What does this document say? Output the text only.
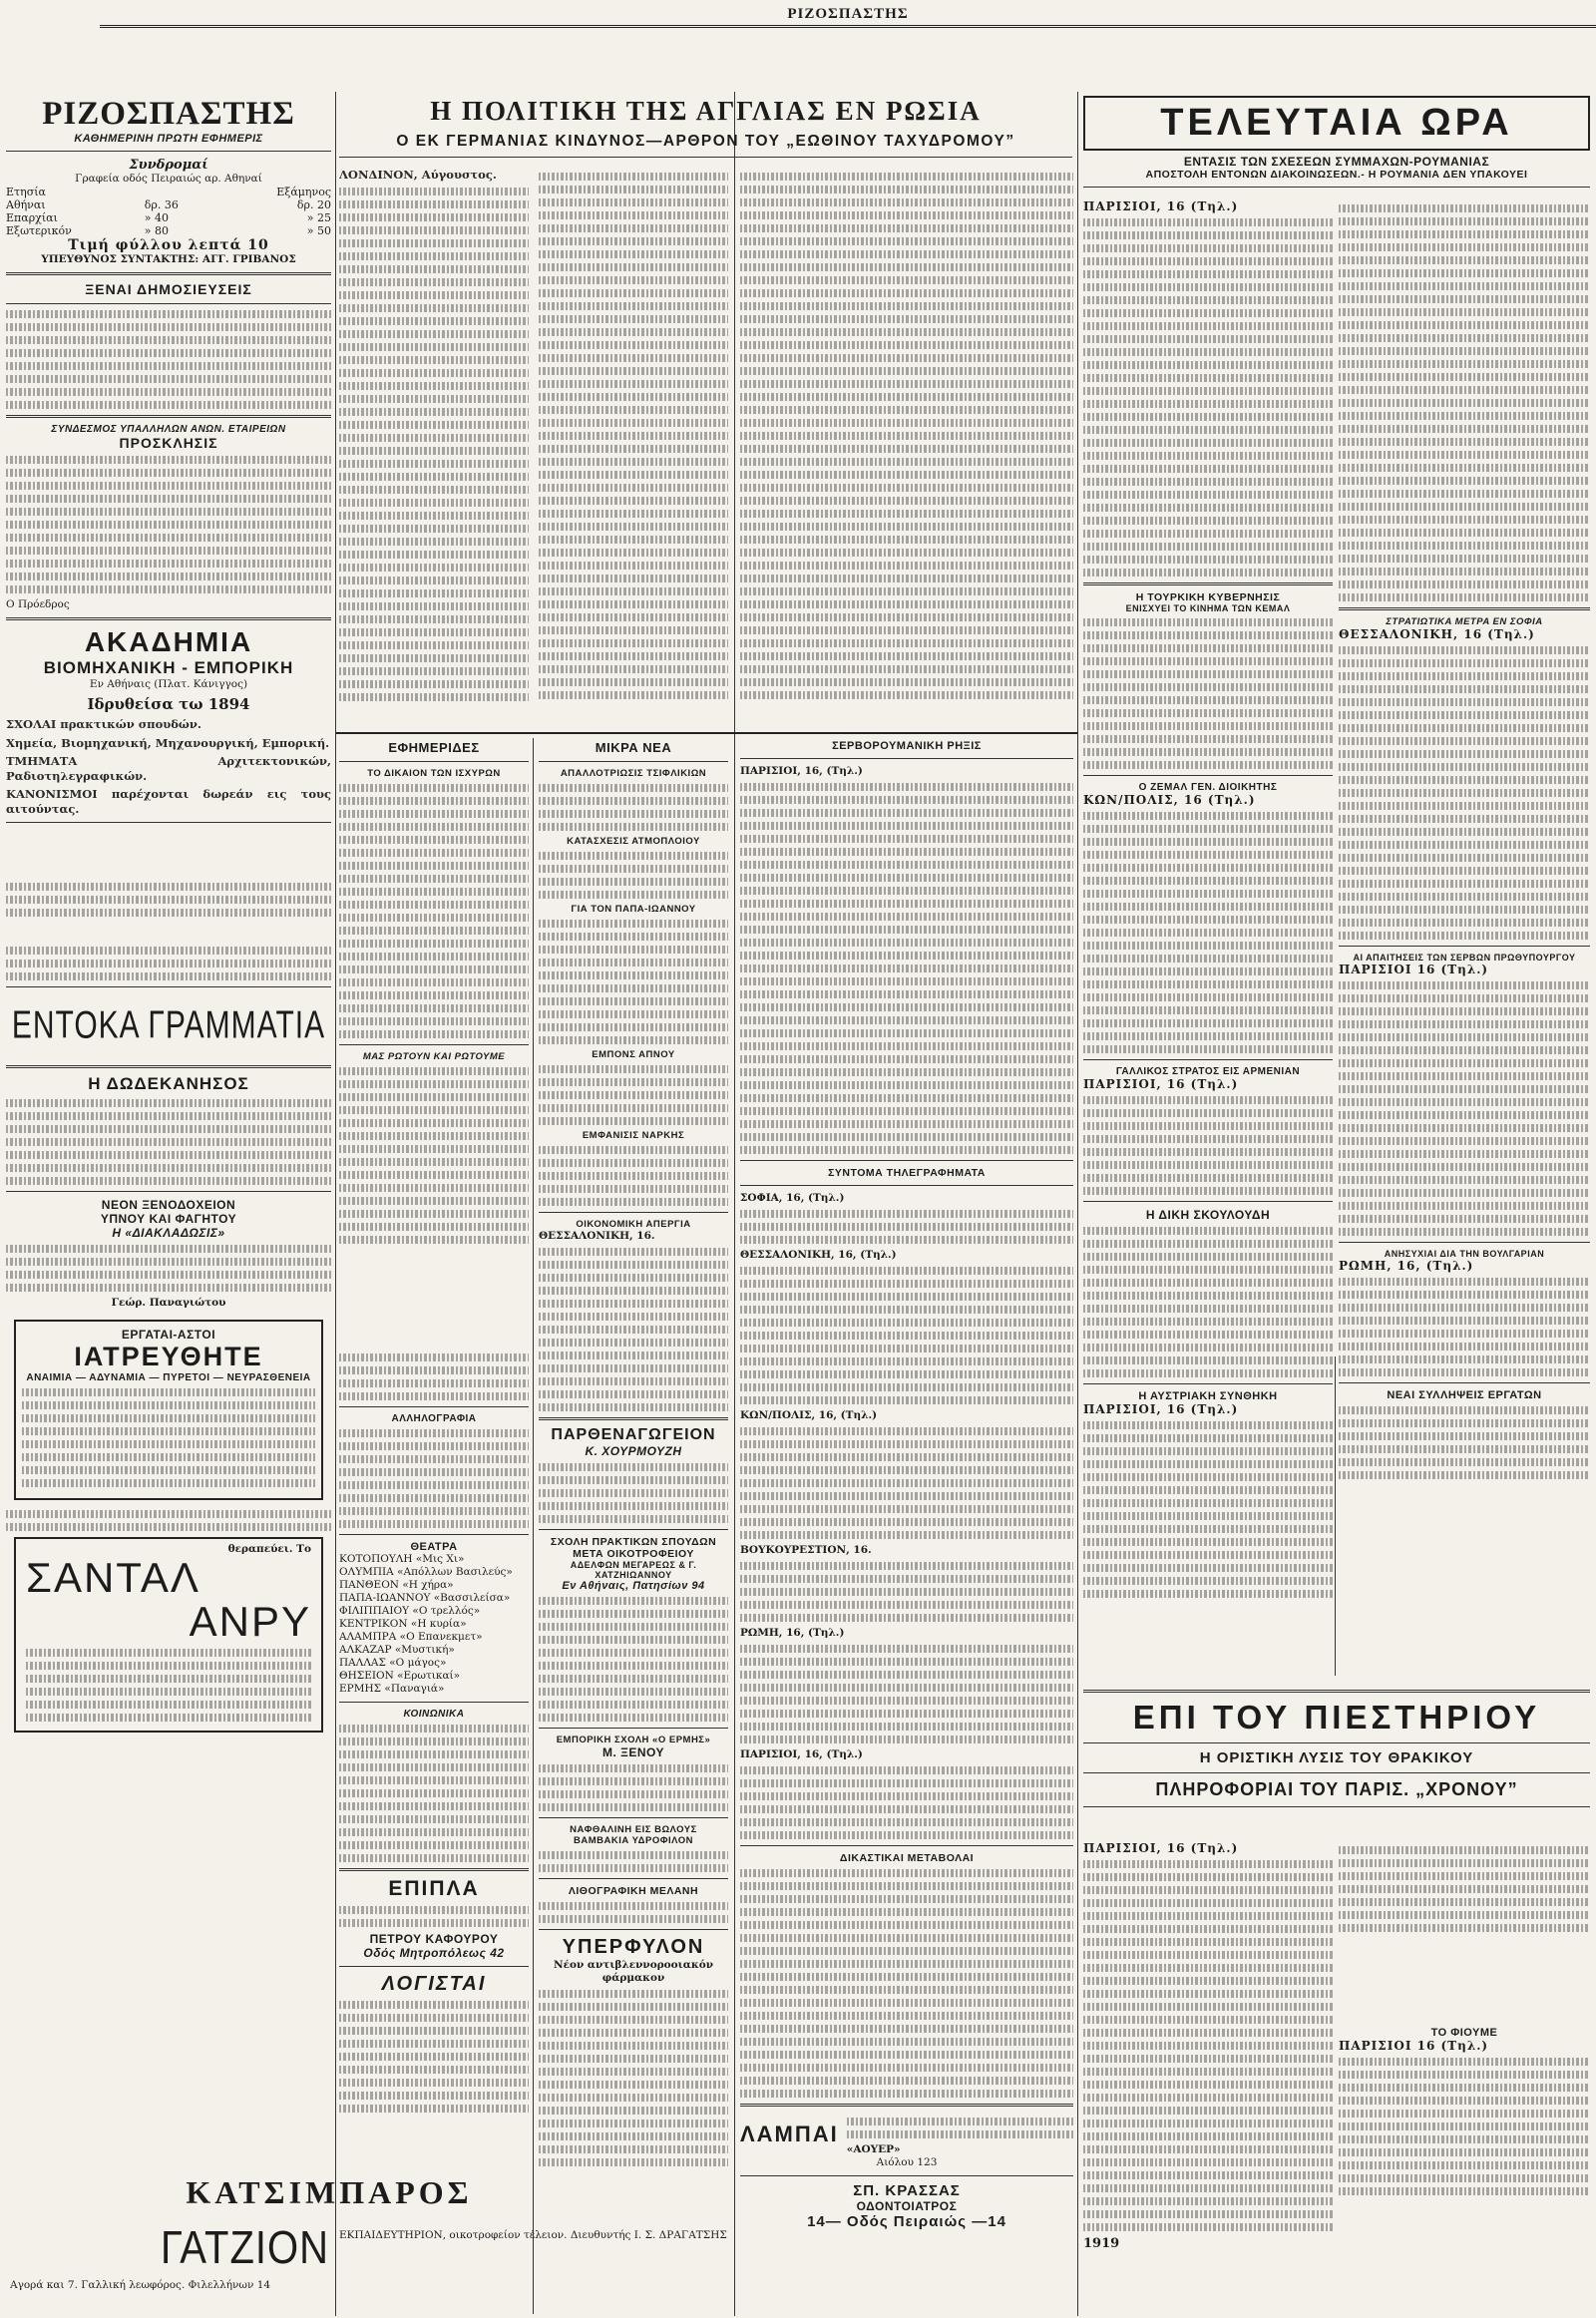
ΡΙΖΟΣΠΑΣΤΗΣ
ΡΙΖΟΣΠΑΣΤΗΣ
ΚΑΘΗΜΕΡΙΝΗ ΠΡΩΤΗ ΕΦΗΜΕΡΙΣ
Συνδρομαί
Γραφεία οδός Πειραιώς αρ. Αθηναί
Ετησία		Εξάμηνος
Αθήναι	δρ. 36	δρ. 20
Επαρχίαι	» 40	» 25
Εξωτερικόν	» 80	» 50
Τιμή φύλλου λεπτά 10
ΥΠΕΥΘΥΝΟΣ ΣΥΝΤΑΚΤΗΣ: ΑΓΓ. ΓΡΙΒΑΝΟΣ
ΞΕΝΑΙ ΔΗΜΟΣΙΕΥΣΕΙΣ
ΣΥΝΔΕΣΜΟΣ ΥΠΑΛΛΗΛΩΝ ΑΝΩΝ. ΕΤΑΙΡΕΙΩΝ
ΠΡΟΣΚΛΗΣΙΣ
Ο Πρόεδρος
ΑΚΑΔΗΜΙΑ
ΒΙΟΜΗΧΑΝΙΚΗ - ΕΜΠΟΡΙΚΗ
Εν Αθήναις (Πλατ. Κάνιγγος)
Ιδρυθείσα τω 1894
ΣΧΟΛΑΙ πρακτικών σπουδών.
Χημεία, Βιομηχανική, Μηχανουργική, Εμπορική.
ΤΜΗΜΑΤΑ Αρχιτεκτονικών, Ραδιοτηλεγραφικών.
ΚΑΝΟΝΙΣΜΟΙ παρέχονται δωρεάν εις τους αιτούντας.
ΕΝΤΟΚΑ ΓΡΑΜΜΑΤΙΑ
Η ΔΩΔΕΚΑΝΗΣΟΣ
ΝΕΟΝ ΞΕΝΟΔΟΧΕΙΟΝ
ΥΠΝΟΥ ΚΑΙ ΦΑΓΗΤΟΥ
Η «ΔΙΑΚΛΑΔΩΣΙΣ»
Γεώρ. Παναγιώτου
ΕΡΓΑΤΑΙ-ΑΣΤΟΙ
ΙΑΤΡΕΥΘΗΤΕ
ΑΝΑΙΜΙΑ — ΑΔΥΝΑΜΙΑ — ΠΥΡΕΤΟΙ — ΝΕΥΡΑΣΘΕΝΕΙΑ
θεραπεύει. Το
ΣΑΝΤΑΛ
ΑΝΡΥ
ΚΑΤΣΙΜΠΑΡΟΣ
ΓΑΤΖΙΟΝ
Αγορά και 7. Γαλλική λεωφόρος. Φιλελλήνων 14
Η ΠΟΛΙΤΙΚΗ ΤΗΣ ΑΓΓΛΙΑΣ ΕΝ ΡΩΣΙΑ
Ο ΕΚ ΓΕΡΜΑΝΙΑΣ ΚΙΝΔΥΝΟΣ—ΑΡΘΡΟΝ ΤΟΥ „ΕΩΘΙΝΟΥ ΤΑΧΥΔΡΟΜΟΥ”
ΛΟΝΔΙΝΟΝ, Αύγουστος.
ΕΦΗΜΕΡΙΔΕΣ
ΤΟ ΔΙΚΑΙΟΝ ΤΩΝ ΙΣΧΥΡΩΝ
ΜΑΣ ΡΩΤΟΥΝ ΚΑΙ ΡΩΤΟΥΜΕ
ΑΛΛΗΛΟΓΡΑΦΙΑ
ΘΕΑΤΡΑ
ΚΟΤΟΠΟΥΛΗ «Μις Χι»
ΟΛΥΜΠΙΑ «Απόλλων Βασιλεύς»
ΠΑΝΘΕΟΝ «Η χήρα»
ΠΑΠΑ-ΙΩΑΝΝΟΥ «Βασσιλείσα»
ΦΙΛΙΠΠΑΙΟΥ «Ο τρελλός»
ΚΕΝΤΡΙΚΟΝ «Η κυρία»
ΑΛΑΜΠΡΑ «Ο Επανεκμετ»
ΑΛΚΑΖΑΡ «Μυστική»
ΠΑΛΛΑΣ «Ο μάγος»
ΘΗΣΕΙΟΝ «Ερωτικαί»
ΕΡΜΗΣ «Παναγιά»
ΚΟΙΝΩΝΙΚΑ
ΕΠΙΠΛΑ
ΠΕΤΡΟΥ ΚΑΦΟΥΡΟΥ
Οδός Μητροπόλεως 42
ΛΟΓΙΣΤΑΙ
ΕΚΠΑΙΔΕΥΤΗΡΙΟΝ, οικοτροφείον τέλειον. Διευθυντής Ι. Σ. ΔΡΑΓΑΤΣΗΣ
ΜΙΚΡΑ ΝΕΑ
ΑΠΑΛΛΟΤΡΙΩΣΙΣ ΤΣΙΦΛΙΚΙΩΝ
ΚΑΤΑΣΧΕΣΙΣ ΑΤΜΟΠΛΟΙΟΥ
ΓΙΑ ΤΟΝ ΠΑΠΑ-ΙΩΑΝΝΟΥ
ΕΜΠΟΝΣ ΑΠΝΟΥ
ΕΜΦΑΝΙΣΙΣ ΝΑΡΚΗΣ
ΟΙΚΟΝΟΜΙΚΗ ΑΠΕΡΓΙΑ
ΘΕΣΣΑΛΟΝΙΚΗ, 16.
ΠΑΡΘΕΝΑΓΩΓΕΙΟΝ
Κ. ΧΟΥΡΜΟΥΖΗ
ΣΧΟΛΗ ΠΡΑΚΤΙΚΩΝ ΣΠΟΥΔΩΝ
ΜΕΤΑ ΟΙΚΟΤΡΟΦΕΙΟΥ
ΑΔΕΛΦΩΝ ΜΕΓΑΡΕΩΣ & Γ. ΧΑΤΖΗΙΩΑΝΝΟΥ
Εν Αθήναις, Πατησίων 94
ΕΜΠΟΡΙΚΗ ΣΧΟΛΗ «Ο ΕΡΜΗΣ»
Μ. ΞΕΝΟΥ
ΝΑΦΘΑΛΙΝΗ ΕΙΣ ΒΩΛΟΥΣ
ΒΑΜΒΑΚΙΑ ΥΔΡΟΦΙΛΟΝ
ΛΙΘΟΓΡΑΦΙΚΗ ΜΕΛΑΝΗ
ΥΠΕΡΦΥΛΟΝ
Νέον αντιβλεννοροοιακόν φάρμακον
ΣΕΡΒΟΡΟΥΜΑΝΙΚΗ ΡΗΞΙΣ
ΠΑΡΙΣΙΟΙ, 16, (Τηλ.)
ΣΥΝΤΟΜΑ ΤΗΛΕΓΡΑΦΗΜΑΤΑ
ΣΟΦΙΑ, 16, (Τηλ.)
ΘΕΣΣΑΛΟΝΙΚΗ, 16, (Τηλ.)
ΚΩΝ/ΠΟΛΙΣ, 16, (Τηλ.)
ΒΟΥΚΟΥΡΕΣΤΙΟΝ, 16.
ΡΩΜΗ, 16, (Τηλ.)
ΠΑΡΙΣΙΟΙ, 16, (Τηλ.)
ΔΙΚΑΣΤΙΚΑΙ ΜΕΤΑΒΟΛΑΙ
ΛΑΜΠΑΙ
«ΑΟΥΕΡ»
Αιόλου 123
ΣΠ. ΚΡΑΣΣΑΣ
ΟΔΟΝΤΟΙΑΤΡΟΣ
14— Οδός Πειραιώς —14
ΤΕΛΕΥΤΑΙΑ ΩΡΑ
ΕΝΤΑΣΙΣ ΤΩΝ ΣΧΕΣΕΩΝ ΣΥΜΜΑΧΩΝ-ΡΟΥΜΑΝΙΑΣ
ΑΠΟΣΤΟΛΗ ΕΝΤΟΝΩΝ ΔΙΑΚΟΙΝΩΣΕΩΝ.- Η ΡΟΥΜΑΝΙΑ ΔΕΝ ΥΠΑΚΟΥΕΙ
ΠΑΡΙΣΙΟΙ, 16 (Τηλ.)
Η ΤΟΥΡΚΙΚΗ ΚΥΒΕΡΝΗΣΙΣ
ΕΝΙΣΧΥΕΙ ΤΟ ΚΙΝΗΜΑ ΤΩΝ ΚΕΜΑΛ
Ο ΖΕΜΑΛ ΓΕΝ. ΔΙΟΙΚΗΤΗΣ
ΚΩΝ/ΠΟΛΙΣ, 16 (Τηλ.)
ΓΑΛΛΙΚΟΣ ΣΤΡΑΤΟΣ ΕΙΣ ΑΡΜΕΝΙΑΝ
ΠΑΡΙΣΙΟΙ, 16 (Τηλ.)
Η ΔΙΚΗ ΣΚΟΥΛΟΥΔΗ
Η ΑΥΣΤΡΙΑΚΗ ΣΥΝΘΗΚΗ
ΠΑΡΙΣΙΟΙ, 16 (Τηλ.)
ΣΤΡΑΤΙΩΤΙΚΑ ΜΕΤΡΑ ΕΝ ΣΟΦΙΑ
ΘΕΣΣΑΛΟΝΙΚΗ, 16 (Τηλ.)
ΑΙ ΑΠΑΙΤΗΣΕΙΣ ΤΩΝ ΣΕΡΒΩΝ ΠΡΩΘΥΠΟΥΡΓΟΥ
ΠΑΡΙΣΙΟΙ 16 (Τηλ.)
ΑΝΗΣΥΧΙΑΙ ΔΙΑ ΤΗΝ ΒΟΥΛΓΑΡΙΑΝ
ΡΩΜΗ, 16, (Τηλ.)
ΝΕΑΙ ΣΥΛΛΗΨΕΙΣ ΕΡΓΑΤΩΝ
ΕΠΙ ΤΟΥ ΠΙΕΣΤΗΡΙΟΥ
Η ΟΡΙΣΤΙΚΗ ΛΥΣΙΣ ΤΟΥ ΘΡΑΚΙΚΟΥ
ΠΛΗΡΟΦΟΡΙΑΙ ΤΟΥ ΠΑΡΙΣ. „ΧΡΟΝΟΥ”
ΠΑΡΙΣΙΟΙ, 16 (Τηλ.)
1919
ΤΟ ΦΙΟΥΜΕ
ΠΑΡΙΣΙΟΙ 16 (Τηλ.)
